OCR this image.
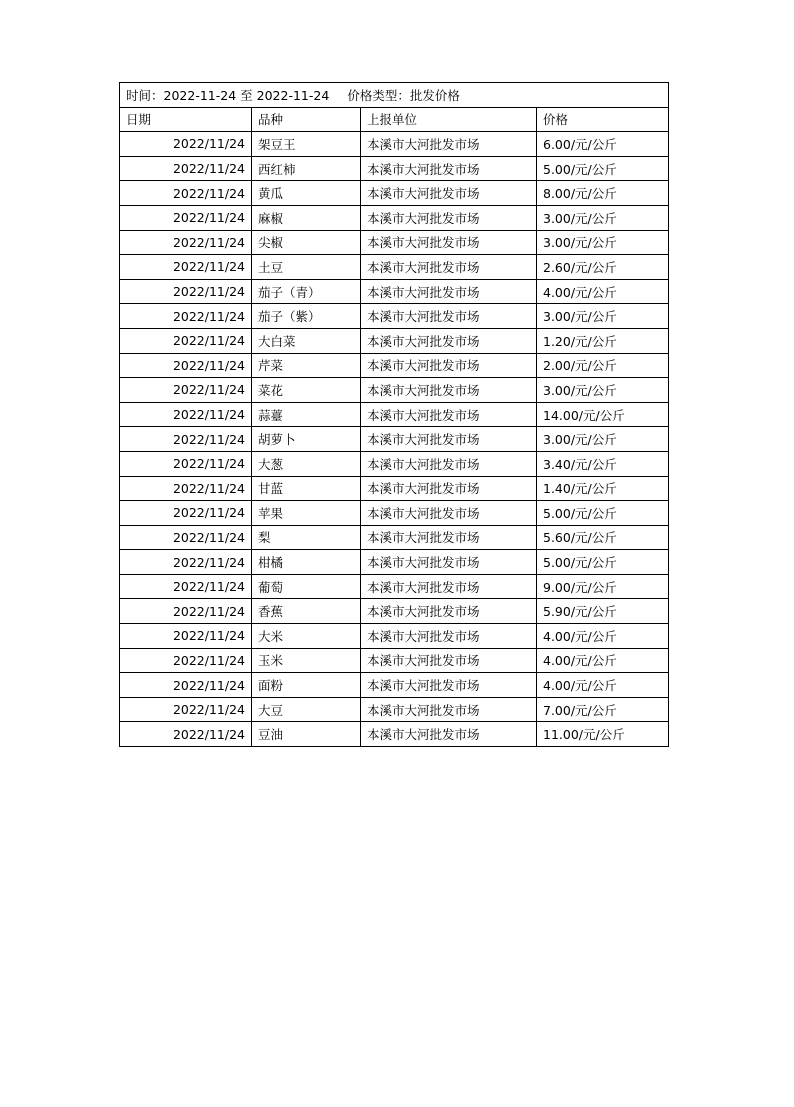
时间：2022-11-24 至 2022-11-24 价格类型：批发价格			
日期	品种	上报单位	价格
2022/11/24	架豆王	本溪市大河批发市场	6.00/元/公斤
2022/11/24	西红柿	本溪市大河批发市场	5.00/元/公斤
2022/11/24	黄瓜	本溪市大河批发市场	8.00/元/公斤
2022/11/24	麻椒	本溪市大河批发市场	3.00/元/公斤
2022/11/24	尖椒	本溪市大河批发市场	3.00/元/公斤
2022/11/24	土豆	本溪市大河批发市场	2.60/元/公斤
2022/11/24	茄子（青）	本溪市大河批发市场	4.00/元/公斤
2022/11/24	茄子（紫）	本溪市大河批发市场	3.00/元/公斤
2022/11/24	大白菜	本溪市大河批发市场	1.20/元/公斤
2022/11/24	芹菜	本溪市大河批发市场	2.00/元/公斤
2022/11/24	菜花	本溪市大河批发市场	3.00/元/公斤
2022/11/24	蒜薹	本溪市大河批发市场	14.00/元/公斤
2022/11/24	胡萝卜	本溪市大河批发市场	3.00/元/公斤
2022/11/24	大葱	本溪市大河批发市场	3.40/元/公斤
2022/11/24	甘蓝	本溪市大河批发市场	1.40/元/公斤
2022/11/24	苹果	本溪市大河批发市场	5.00/元/公斤
2022/11/24	梨	本溪市大河批发市场	5.60/元/公斤
2022/11/24	柑橘	本溪市大河批发市场	5.00/元/公斤
2022/11/24	葡萄	本溪市大河批发市场	9.00/元/公斤
2022/11/24	香蕉	本溪市大河批发市场	5.90/元/公斤
2022/11/24	大米	本溪市大河批发市场	4.00/元/公斤
2022/11/24	玉米	本溪市大河批发市场	4.00/元/公斤
2022/11/24	面粉	本溪市大河批发市场	4.00/元/公斤
2022/11/24	大豆	本溪市大河批发市场	7.00/元/公斤
2022/11/24	豆油	本溪市大河批发市场	11.00/元/公斤
